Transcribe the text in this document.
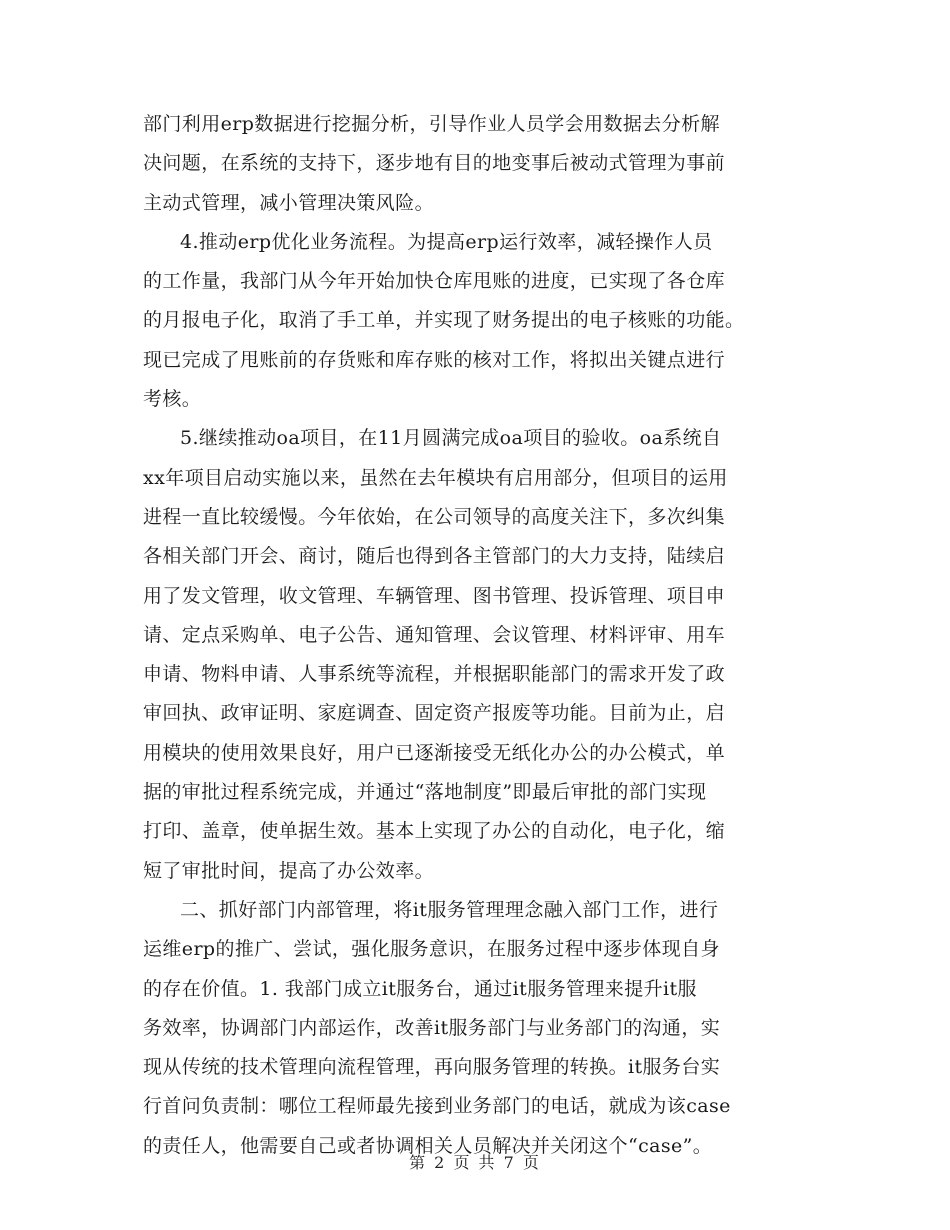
部门利用erp数据进行挖掘分析，引导作业人员学会用数据去分析解
决问题，在系统的支持下，逐步地有目的地变事后被动式管理为事前
主动式管理，减小管理决策风险。
4.推动erp优化业务流程。为提高erp运行效率，减轻操作人员
的工作量，我部门从今年开始加快仓库甩账的进度，已实现了各仓库
的月报电子化，取消了手工单，并实现了财务提出的电子核账的功能。
现已完成了甩账前的存货账和库存账的核对工作，将拟出关键点进行
考核。
5.继续推动oa项目，在11月圆满完成oa项目的验收。oa系统自
xx年项目启动实施以来，虽然在去年模块有启用部分，但项目的运用
进程一直比较缓慢。今年依始，在公司领导的高度关注下，多次纠集
各相关部门开会、商讨，随后也得到各主管部门的大力支持，陆续启
用了发文管理，收文管理、车辆管理、图书管理、投诉管理、项目申
请、定点采购单、电子公告、通知管理、会议管理、材料评审、用车
申请、物料申请、人事系统等流程，并根据职能部门的需求开发了政
审回执、政审证明、家庭调查、固定资产报废等功能。目前为止，启
用模块的使用效果良好，用户已逐渐接受无纸化办公的办公模式，单
据的审批过程系统完成，并通过“落地制度”即最后审批的部门实现
打印、盖章，使单据生效。基本上实现了办公的自动化，电子化，缩
短了审批时间，提高了办公效率。
二、抓好部门内部管理，将it服务管理理念融入部门工作，进行
运维erp的推广、尝试，强化服务意识，在服务过程中逐步体现自身
的存在价值。1. 我部门成立it服务台，通过it服务管理来提升it服
务效率，协调部门内部运作，改善it服务部门与业务部门的沟通，实
现从传统的技术管理向流程管理，再向服务管理的转换。it服务台实
行首问负责制：哪位工程师最先接到业务部门的电话，就成为该case
的责任人，他需要自己或者协调相关人员解决并关闭这个“case”。
第 2 页 共 7 页
